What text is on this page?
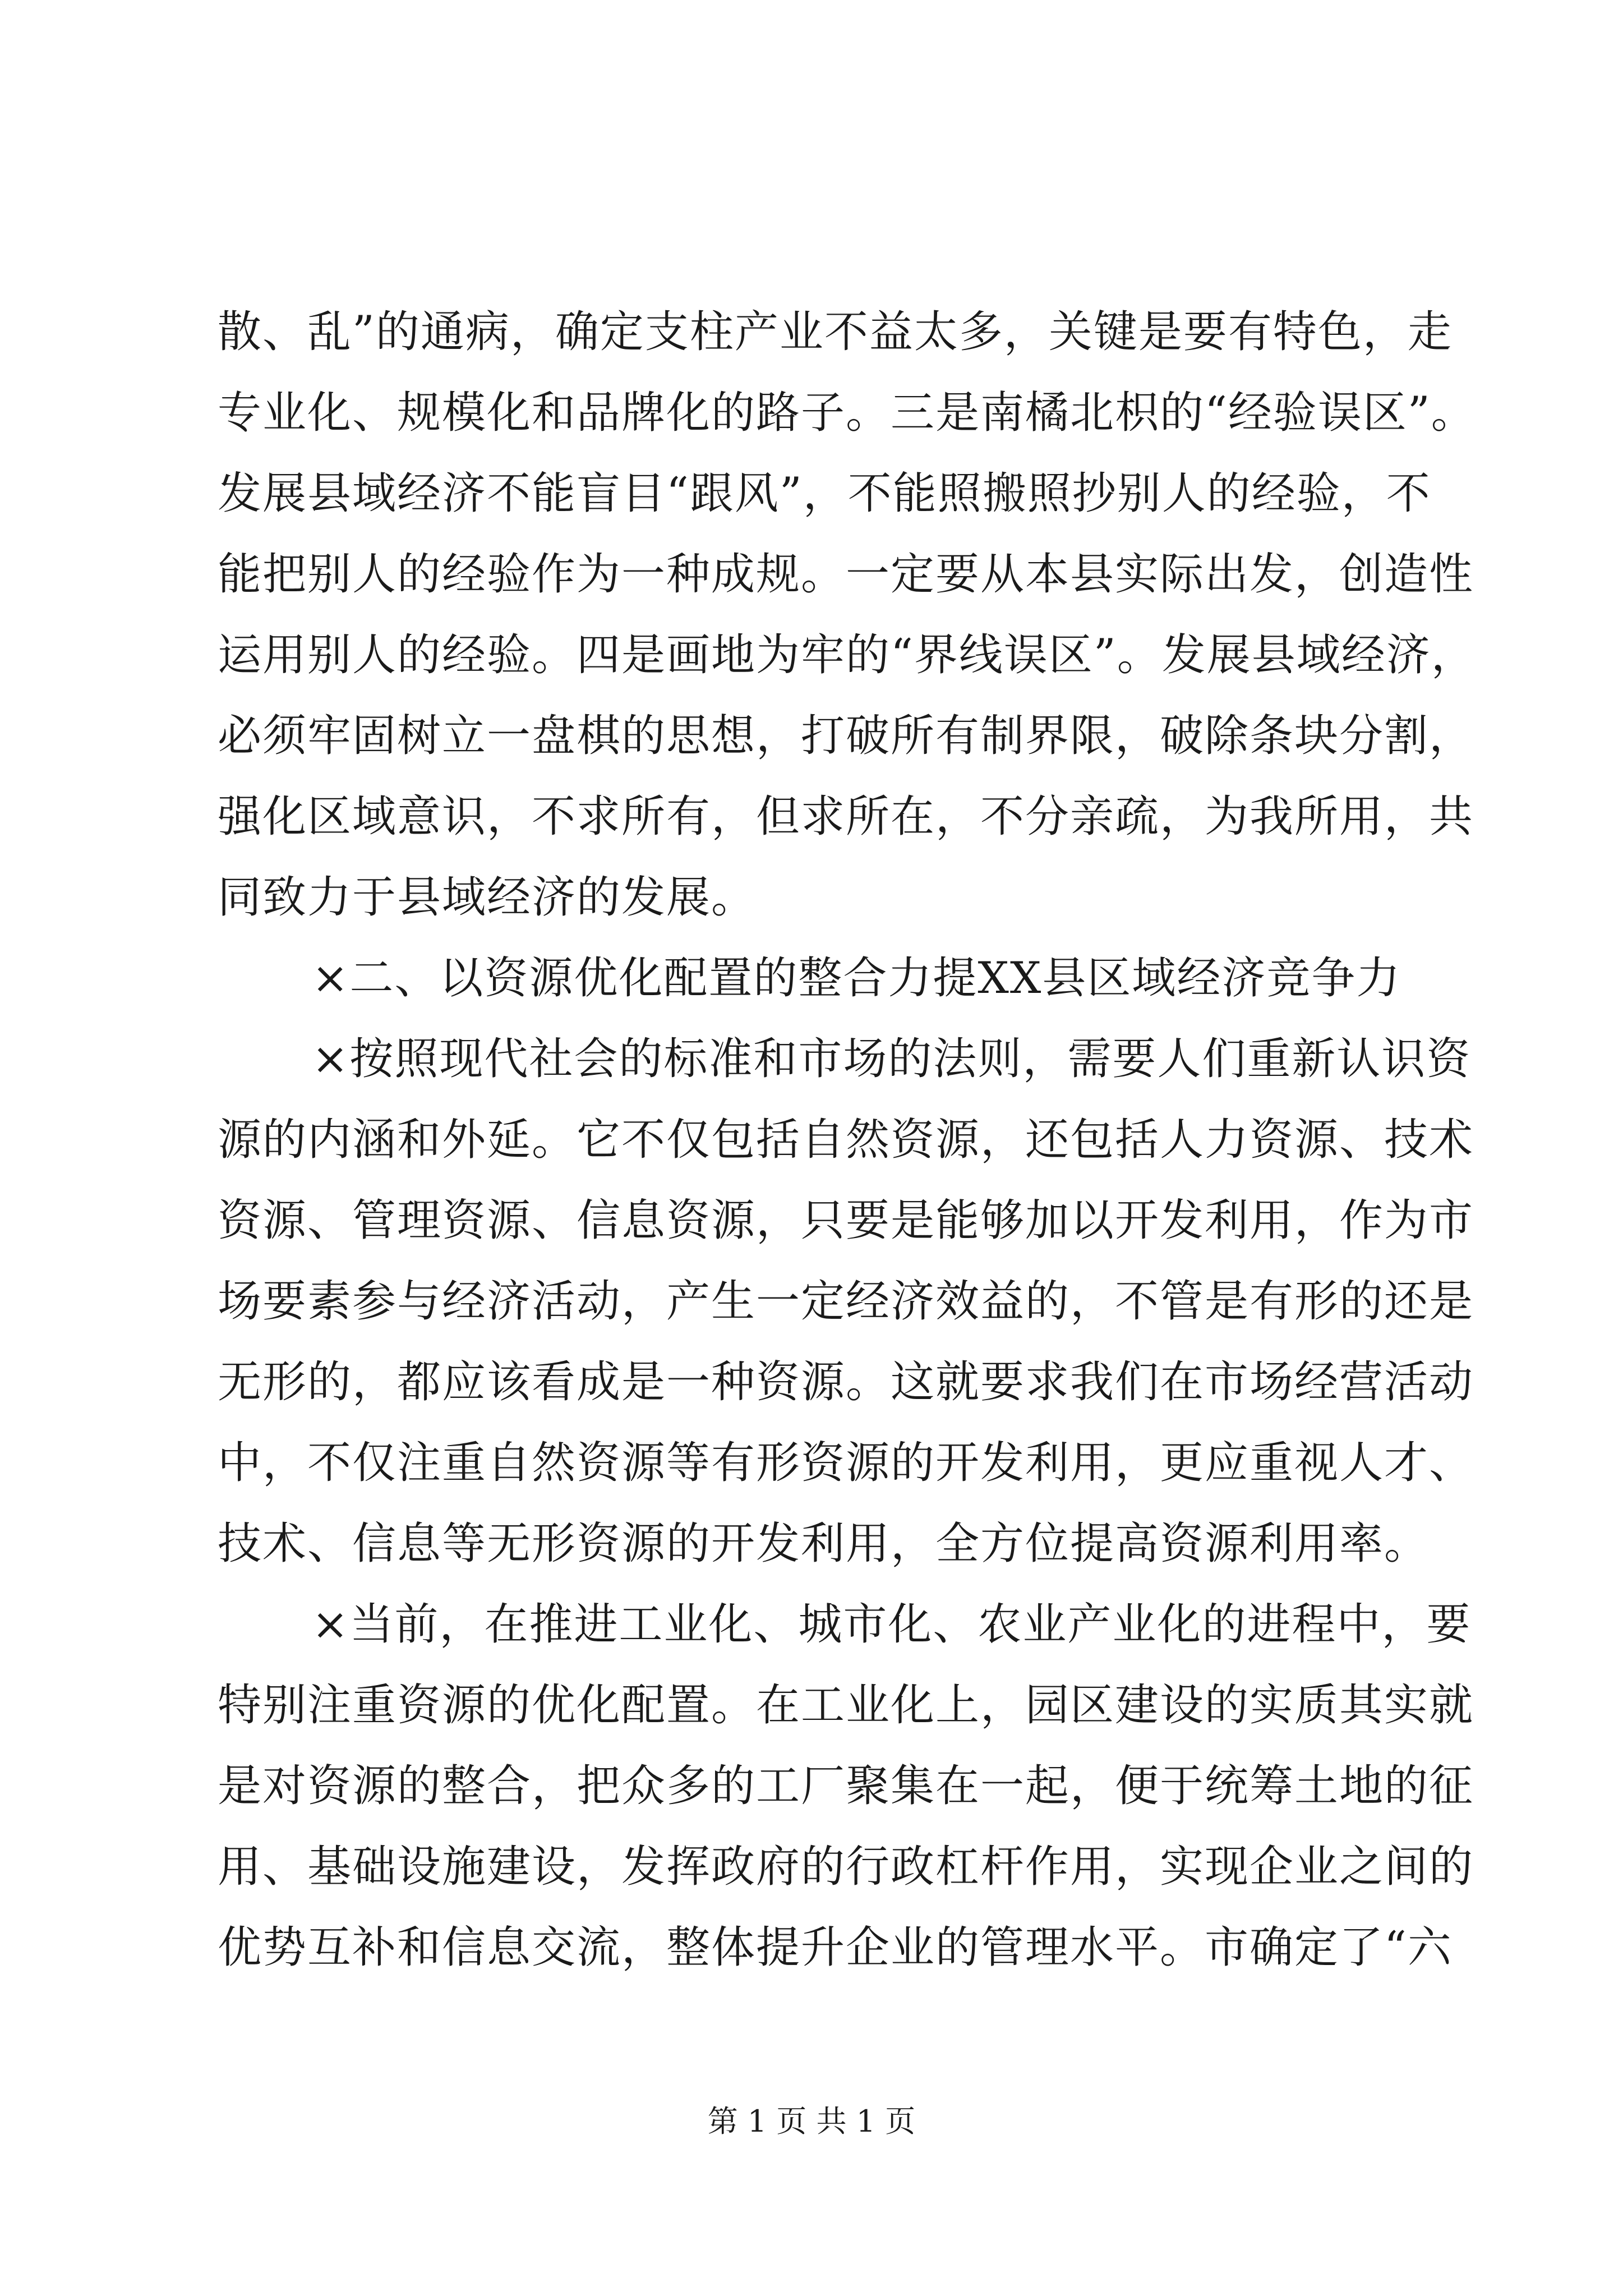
散、乱”的通病，确定支柱产业不益太多，关键是要有特色，走
专业化、规模化和品牌化的路子。三是南橘北枳的“经验误区”。
发展县域经济不能盲目“跟风”，不能照搬照抄别人的经验，不
能把别人的经验作为一种成规。一定要从本县实际出发，创造性
运用别人的经验。四是画地为牢的“界线误区”。发展县域经济，
必须牢固树立一盘棋的思想，打破所有制界限，破除条块分割，
强化区域意识，不求所有，但求所在，不分亲疏，为我所用，共
同致力于县域经济的发展。
×二、以资源优化配置的整合力提XX县区域经济竞争力
×按照现代社会的标准和市场的法则，需要人们重新认识资
源的内涵和外延。它不仅包括自然资源，还包括人力资源、技术
资源、管理资源、信息资源，只要是能够加以开发利用，作为市
场要素参与经济活动，产生一定经济效益的，不管是有形的还是
无形的，都应该看成是一种资源。这就要求我们在市场经营活动
中，不仅注重自然资源等有形资源的开发利用，更应重视人才、
技术、信息等无形资源的开发利用，全方位提高资源利用率。
×当前，在推进工业化、城市化、农业产业化的进程中，要
特别注重资源的优化配置。在工业化上，园区建设的实质其实就
是对资源的整合，把众多的工厂聚集在一起，便于统筹土地的征
用、基础设施建设，发挥政府的行政杠杆作用，实现企业之间的
优势互补和信息交流，整体提升企业的管理水平。市确定了“六
第 1 页 共 1 页
